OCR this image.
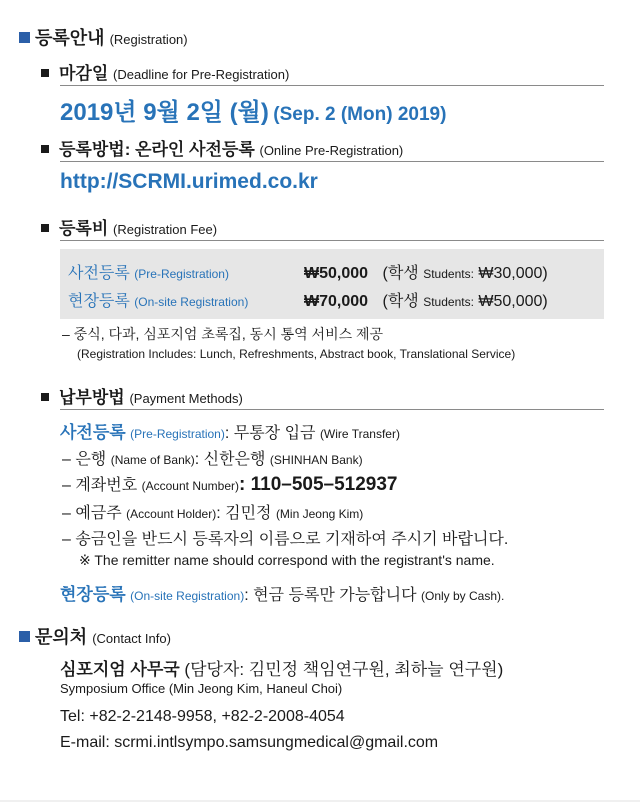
등록안내 (Registration)
마감일 (Deadline for Pre-Registration)
2019년 9월 2일 (월) (Sep. 2 (Mon) 2019)
등록방법: 온라인 사전등록 (Online Pre-Registration)
http://SCRMI.urimed.co.kr
등록비 (Registration Fee)
사전등록 (Pre-Registration)	₩50,000 (학생 Students: ₩30,000)
현장등록 (On-site Registration)	₩70,000 (학생 Students: ₩50,000)
– 중식, 다과, 심포지엄 초록집, 동시 통역 서비스 제공
(Registration Includes: Lunch, Refreshments, Abstract book, Translational Service)
납부방법 (Payment Methods)
사전등록 (Pre-Registration): 무통장 입금 (Wire Transfer)
– 은행 (Name of Bank): 신한은행 (SHINHAN Bank)
– 계좌번호 (Account Number): 110–505–512937
– 예금주 (Account Holder): 김민정 (Min Jeong Kim)
– 송금인을 반드시 등록자의 이름으로 기재하여 주시기 바랍니다.
※ The remitter name should correspond with the registrant's name.
현장등록 (On-site Registration): 현금 등록만 가능합니다 (Only by Cash).
문의처 (Contact Info)
심포지엄 사무국 (담당자: 김민정 책임연구원, 최하늘 연구원)
Symposium Office (Min Jeong Kim, Haneul Choi)
Tel: +82-2-2148-9958, +82-2-2008-4054
E-mail: scrmi.intlsympo.samsungmedical@gmail.com
